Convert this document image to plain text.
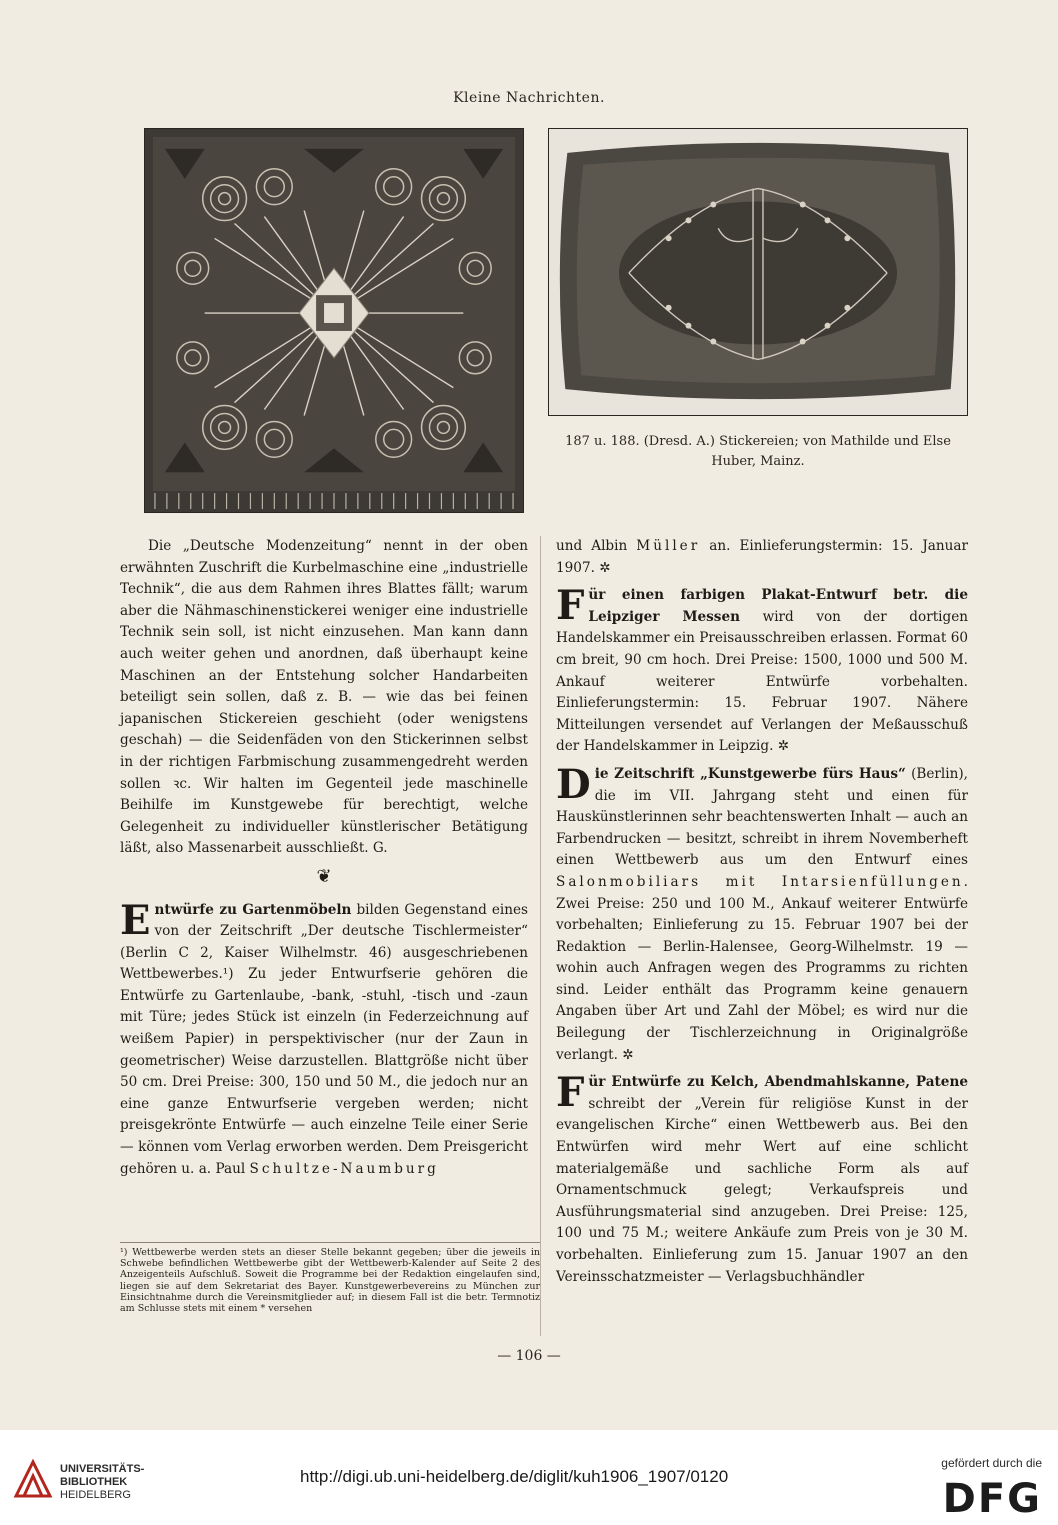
Kleine Nachrichten.
187 u. 188. (Dresd. A.) Stickereien; von Mathilde und Else
Huber, Mainz.

Die „Deutsche Modenzeitung“ nennt in der oben erwähnten Zuschrift die Kurbelmaschine eine „industrielle Technik“, die aus dem Rahmen ihres Blattes fällt; warum aber die Nähmaschinenstickerei weniger eine industrielle Technik sein soll, ist nicht einzusehen. Man kann dann auch weiter gehen und anordnen, daß überhaupt keine Maschinen an der Entstehung solcher Handarbeiten beteiligt sein sollen, daß z. B. — wie das bei feinen japanischen Stickereien geschieht (oder wenigstens geschah) — die Seidenfäden von den Stickerinnen selbst in der richtigen Farbmischung zusammengedreht werden sollen ꝛc. Wir halten im Gegenteil jede maschinelle Beihilfe im Kunstgewebe für berechtigt, welche Gelegenheit zu individueller künstlerischer Betätigung läßt, also Massenarbeit ausschließt. G.

❦

Entwürfe zu Gartenmöbeln bilden Gegenstand eines von der Zeitschrift „Der deutsche Tischlermeister“ (Berlin C 2, Kaiser Wilhelmstr. 46) ausgeschriebenen Wettbewerbes.¹) Zu jeder Entwurfserie gehören die Entwürfe zu Gartenlaube, -bank, -stuhl, -tisch und -zaun mit Türe; jedes Stück ist einzeln (in Federzeichnung auf weißem Papier) in perspektivischer (nur der Zaun in geometrischer) Weise darzustellen. Blattgröße nicht über 50 cm. Drei Preise: 300, 150 und 50 M., die jedoch nur an eine ganze Entwurfserie vergeben werden; nicht preisgekrönte Entwürfe — auch einzelne Teile einer Serie — können vom Verlag erworben werden. Dem Preisgericht gehören u. a. Paul Schultze-Naumburg

¹) Wettbewerbe werden stets an dieser Stelle bekannt gegeben; über die jeweils in Schwebe befindlichen Wettbewerbe gibt der Wettbewerb-Kalender auf Seite 2 des Anzeigenteils Aufschluß. Soweit die Programme bei der Redaktion eingelaufen sind, liegen sie auf dem Sekretariat des Bayer. Kunstgewerbevereins zu München zur Einsichtnahme durch die Vereinsmitglieder auf; in diesem Fall ist die betr. Termnotiz am Schlusse stets mit einem * versehen

und Albin Müller an. Einlieferungstermin: 15. Januar 1907. ✲

Für einen farbigen Plakat-Entwurf betr. die Leipziger Messen wird von der dortigen Handelskammer ein Preisausschreiben erlassen. Format 60 cm breit, 90 cm hoch. Drei Preise: 1500, 1000 und 500 M. Ankauf weiterer Entwürfe vorbehalten. Einlieferungstermin: 15. Februar 1907. Nähere Mitteilungen versendet auf Verlangen der Meßausschuß der Handelskammer in Leipzig. ✲

Die Zeitschrift „Kunstgewerbe fürs Haus“ (Berlin), die im VII. Jahrgang steht und einen für Hauskünstlerinnen sehr beachtenswerten Inhalt — auch an Farbendrucken — besitzt, schreibt in ihrem Novemberheft einen Wettbewerb aus um den Entwurf eines Salonmobiliars mit Intarsienfüllungen. Zwei Preise: 250 und 100 M., Ankauf weiterer Entwürfe vorbehalten; Einlieferung zu 15. Februar 1907 bei der Redaktion — Berlin-Halensee, Georg-Wilhelmstr. 19 — wohin auch Anfragen wegen des Programms zu richten sind. Leider enthält das Programm keine genauern Angaben über Art und Zahl der Möbel; es wird nur die Beilegung der Tischlerzeichnung in Originalgröße verlangt. ✲

Für Entwürfe zu Kelch, Abendmahlskanne, Patene schreibt der „Verein für religiöse Kunst in der evangelischen Kirche“ einen Wettbewerb aus. Bei den Entwürfen wird mehr Wert auf eine schlicht materialgemäße und sachliche Form als auf Ornamentschmuck gelegt; Verkaufspreis und Ausführungsmaterial sind anzugeben. Drei Preise: 125, 100 und 75 M.; weitere Ankäufe zum Preis von je 30 M. vorbehalten. Einlieferung zum 15. Januar 1907 an den Vereinsschatzmeister — Verlagsbuchhändler

— 106 —
UNIVERSITÄTS-
BIBLIOTHEK
HEIDELBERG
http://digi.ub.uni-heidelberg.de/diglit/kuh1906_1907/0120
gefördert durch die
DFG
